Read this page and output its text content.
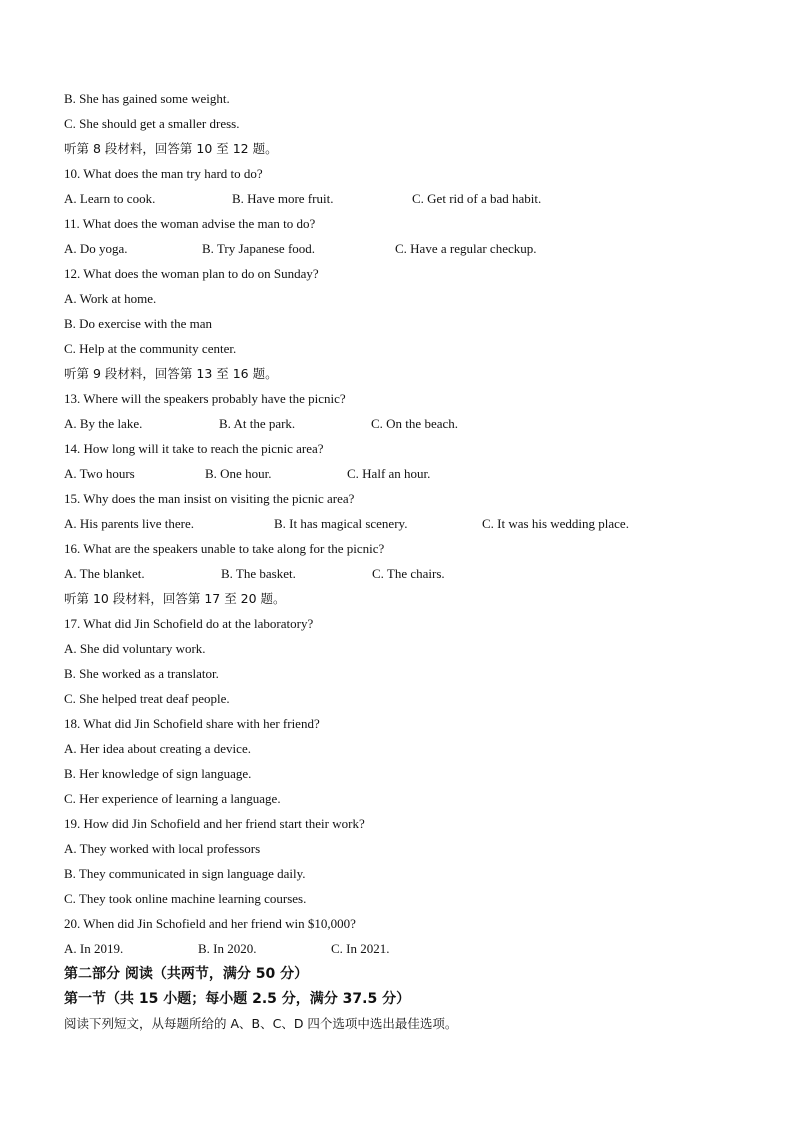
B. She has gained some weight.
C. She should get a smaller dress.
听第 8 段材料，回答第 10 至 12 题。
10. What does the man try hard to do?
A. Learn to cook.	B. Have more fruit.	C. Get rid of a bad habit.
11. What does the woman advise the man to do?
A. Do yoga.	B. Try Japanese food.	C. Have a regular checkup.
12. What does the woman plan to do on Sunday?
A. Work at home.
B. Do exercise with the man
C. Help at the community center.
听第 9 段材料，回答第 13 至 16 题。
13. Where will the speakers probably have the picnic?
A. By the lake.	B. At the park.	C. On the beach.
14. How long will it take to reach the picnic area?
A. Two hours	B. One hour.	C. Half an hour.
15. Why does the man insist on visiting the picnic area?
A. His parents live there.	B. It has magical scenery.	C. It was his wedding place.
16. What are the speakers unable to take along for the picnic?
A. The blanket.	B. The basket.	C. The chairs.
听第 10 段材料，回答第 17 至 20 题。
17. What did Jin Schofield do at the laboratory?
A. She did voluntary work.
B. She worked as a translator.
C. She helped treat deaf people.
18. What did Jin Schofield share with her friend?
A. Her idea about creating a device.
B. Her knowledge of sign language.
C. Her experience of learning a language.
19. How did Jin Schofield and her friend start their work?
A. They worked with local professors
B. They communicated in sign language daily.
C. They took online machine learning courses.
20. When did Jin Schofield and her friend win $10,000?
A. In 2019.	B. In 2020.	C. In 2021.
第二部分 阅读（共两节，满分 50 分）
第一节（共 15 小题；每小题 2.5 分，满分 37.5 分）
阅读下列短文，从每题所给的 A、B、C、D 四个选项中选出最佳选项。
